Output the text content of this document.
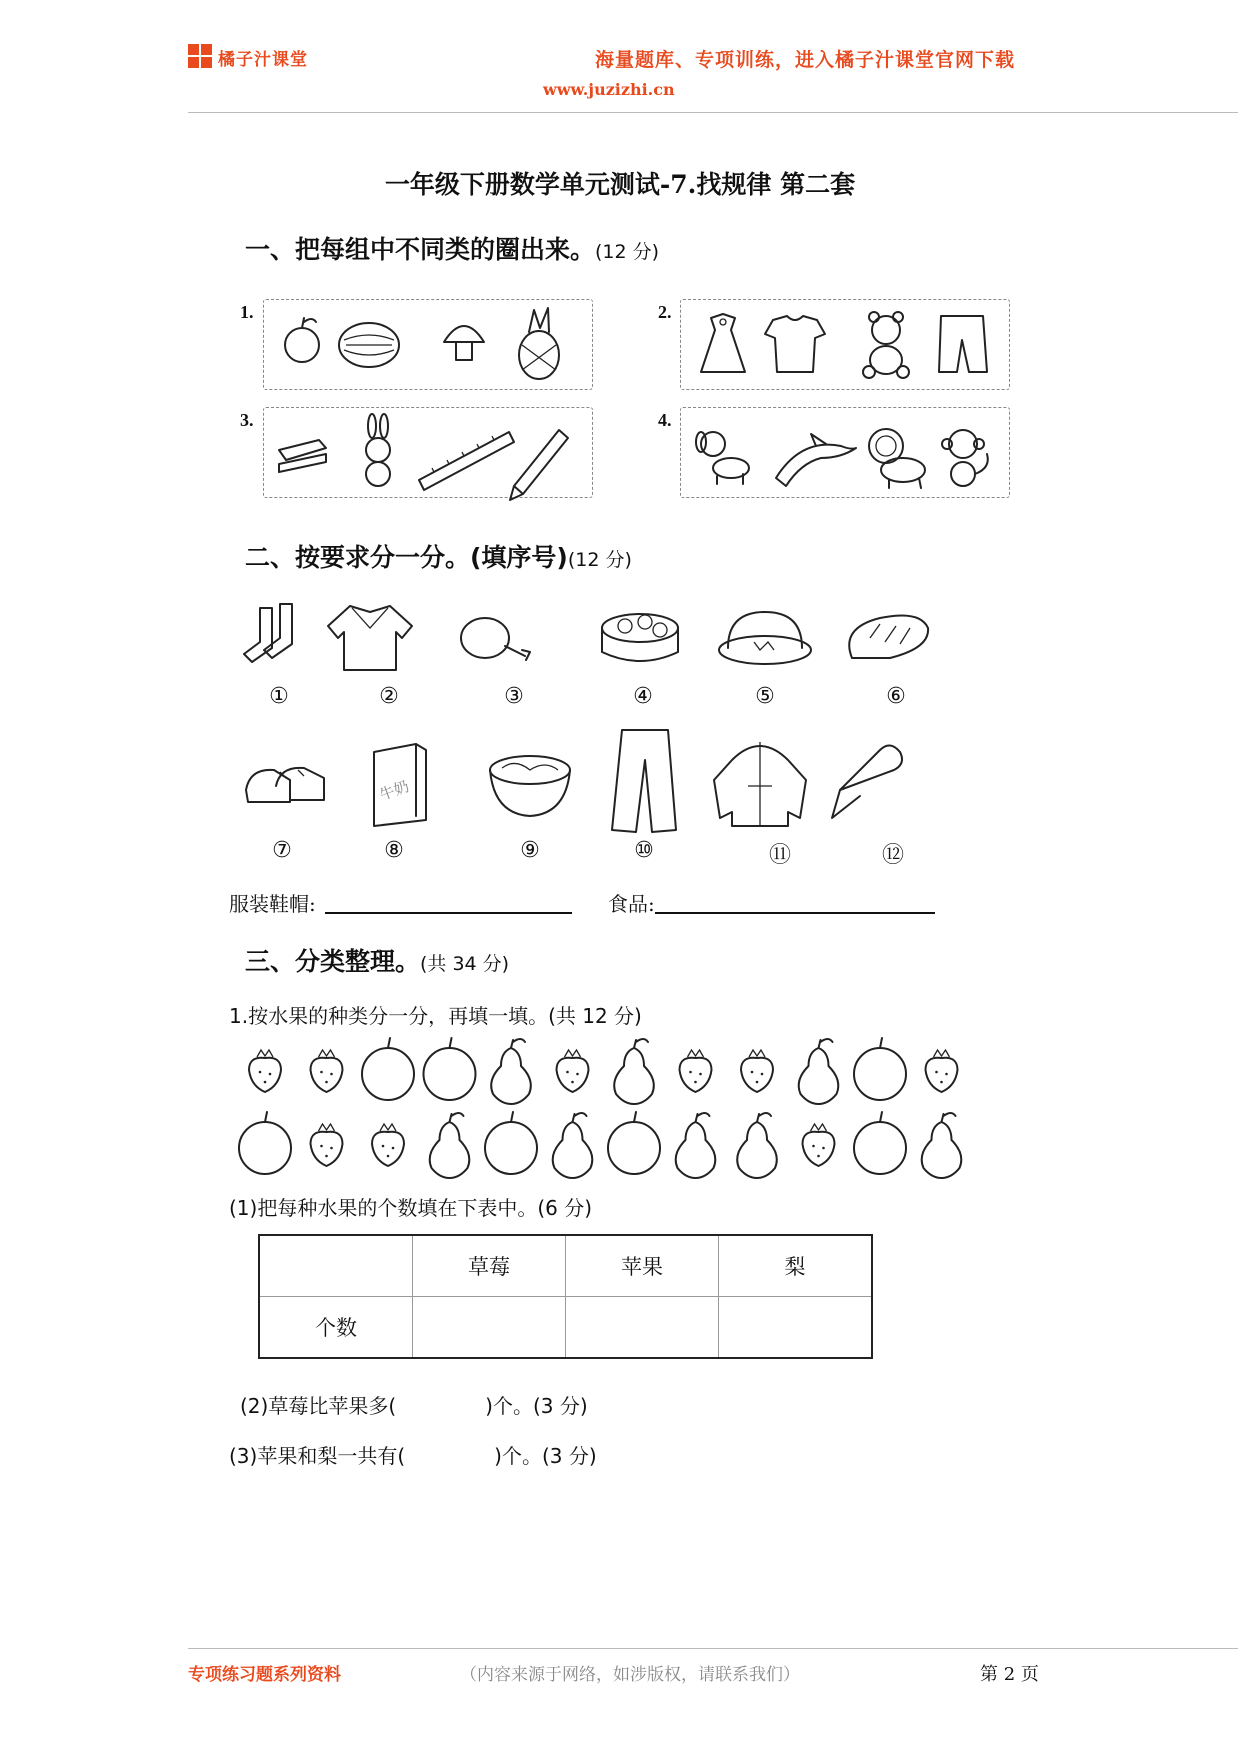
橘子汁课堂	海量题库、专项训练，进入橘子汁课堂官网下载
www.juzizhi.cn
一年级下册数学单元测试-7.找规律 第二套
一、把每组中不同类的圈出来。(12 分)
1.	2.
3.	4.
二、按要求分一分。(填序号)(12 分)
①	②	③	④	⑤	⑥
牛奶
⑦	⑧	⑨	⑩	⑪	⑫
服装鞋帽:	食品:
三、分类整理。(共 34 分)
1.按水果的种类分一分，再填一填。(共 12 分)
(1)把每种水果的个数填在下表中。(6 分)
	草莓	苹果	梨
个数			
(2)草莓比苹果多(              )个。(3 分)
(3)苹果和梨一共有(              )个。(3 分)
专项练习题系列资料	（内容来源于网络，如涉版权，请联系我们）	第 2 页
